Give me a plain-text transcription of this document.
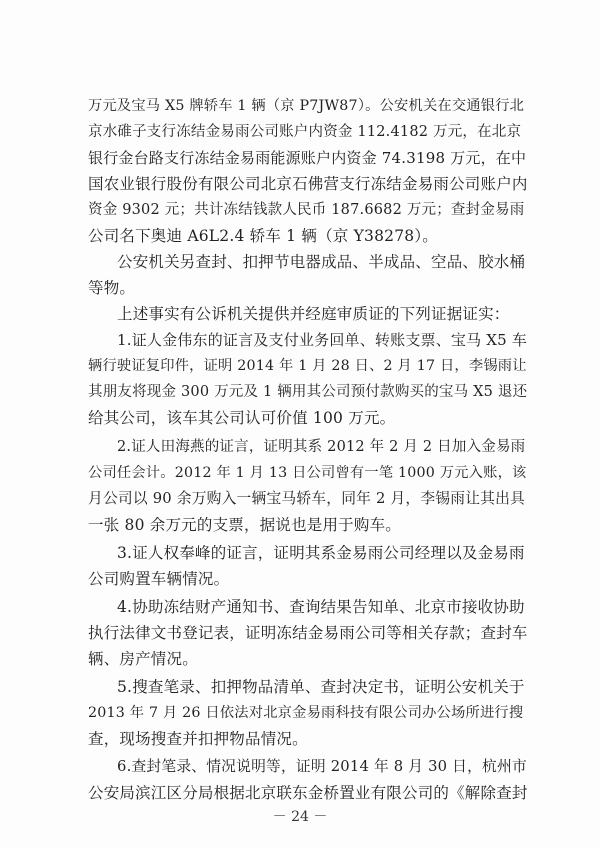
万元及宝马 X5 牌轿车 1 辆（京 P7JW87）。公安机关在交通银行北
京水碓子支行冻结金易雨公司账户内资金 112.4182 万元，在北京
银行金台路支行冻结金易雨能源账户内资金 74.3198 万元，在中
国农业银行股份有限公司北京石佛营支行冻结金易雨公司账户内
资金 9302 元；共计冻结钱款人民币 187.6682 万元；查封金易雨
公司名下奥迪 A6L2.4 轿车 1 辆（京 Y38278）。
公安机关另查封、扣押节电器成品、半成品、空品、胶水桶
等物。
上述事实有公诉机关提供并经庭审质证的下列证据证实：
1.证人金伟东的证言及支付业务回单、转账支票、宝马 X5 车
辆行驶证复印件，证明 2014 年 1 月 28 日、2 月 17 日，李锡雨让
其朋友将现金 300 万元及 1 辆用其公司预付款购买的宝马 X5 退还
给其公司，该车其公司认可价值 100 万元。
2.证人田海燕的证言，证明其系 2012 年 2 月 2 日加入金易雨
公司任会计。2012 年 1 月 13 日公司曾有一笔 1000 万元入账，该
月公司以 90 余万购入一辆宝马轿车，同年 2 月，李锡雨让其出具
一张 80 余万元的支票，据说也是用于购车。
3.证人权奉峰的证言，证明其系金易雨公司经理以及金易雨
公司购置车辆情况。
4.协助冻结财产通知书、查询结果告知单、北京市接收协助
执行法律文书登记表，证明冻结金易雨公司等相关存款；查封车
辆、房产情况。
5.搜查笔录、扣押物品清单、查封决定书，证明公安机关于
2013 年 7 月 26 日依法对北京金易雨科技有限公司办公场所进行搜
查，现场搜查并扣押物品情况。
6.查封笔录、情况说明等，证明 2014 年 8 月 30 日，杭州市
公安局滨江区分局根据北京联东金桥置业有限公司的《解除查封
－ 24 －
